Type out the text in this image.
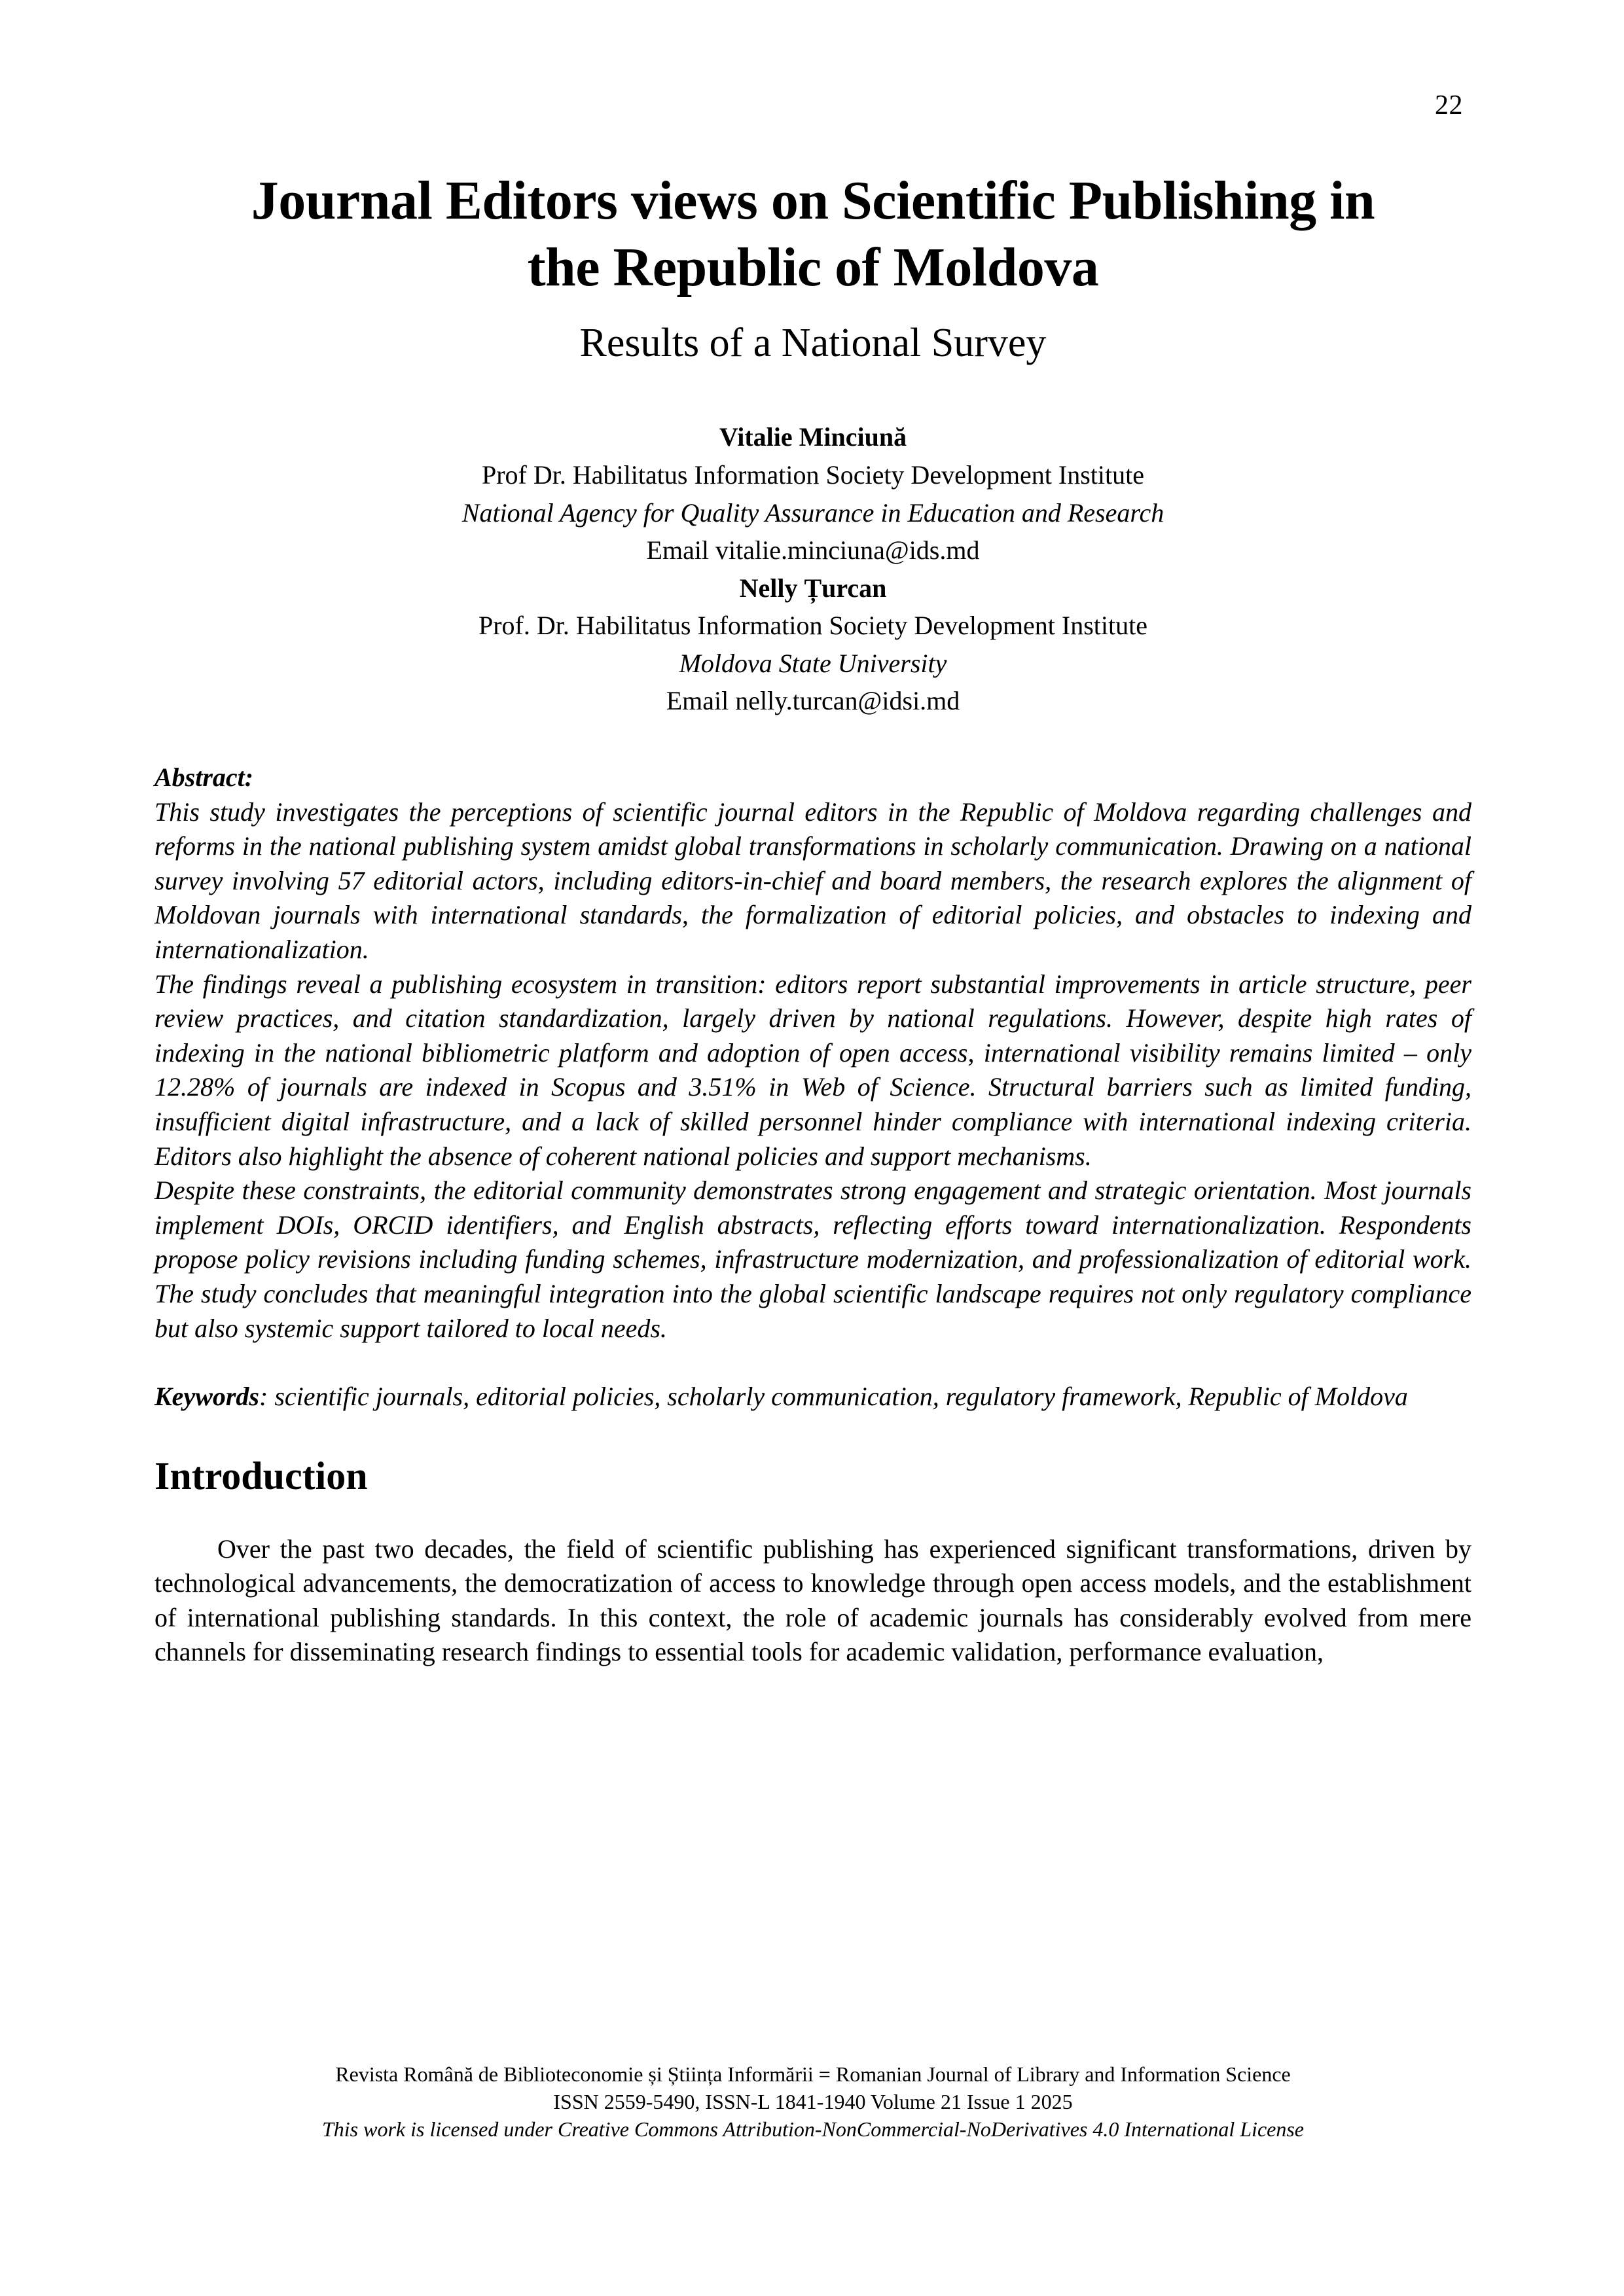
22
Journal Editors views on Scientific Publishing in the Republic of Moldova
Results of a National Survey
Vitalie Minciună
Prof Dr. Habilitatus Information Society Development Institute
National Agency for Quality Assurance in Education and Research
Email vitalie.minciuna@ids.md
Nelly Țurcan
Prof. Dr. Habilitatus Information Society Development Institute
Moldova State University
Email nelly.turcan@idsi.md
Abstract:

This study investigates the perceptions of scientific journal editors in the Republic of Moldova regarding challenges and reforms in the national publishing system amidst global transformations in scholarly communication. Drawing on a national survey involving 57 editorial actors, including editors-in-chief and board members, the research explores the alignment of Moldovan journals with international standards, the formalization of editorial policies, and obstacles to indexing and internationalization.

The findings reveal a publishing ecosystem in transition: editors report substantial improvements in article structure, peer review practices, and citation standardization, largely driven by national regulations. However, despite high rates of indexing in the national bibliometric platform and adoption of open access, international visibility remains limited – only 12.28% of journals are indexed in Scopus and 3.51% in Web of Science. Structural barriers such as limited funding, insufficient digital infrastructure, and a lack of skilled personnel hinder compliance with international indexing criteria. Editors also highlight the absence of coherent national policies and support mechanisms.

Despite these constraints, the editorial community demonstrates strong engagement and strategic orientation. Most journals implement DOIs, ORCID identifiers, and English abstracts, reflecting efforts toward internationalization. Respondents propose policy revisions including funding schemes, infrastructure modernization, and professionalization of editorial work. The study concludes that meaningful integration into the global scientific landscape requires not only regulatory compliance but also systemic support tailored to local needs.

Keywords: scientific journals, editorial policies, scholarly communication, regulatory framework, Republic of Moldova
Introduction

Over the past two decades, the field of scientific publishing has experienced significant transformations, driven by technological advancements, the democratization of access to knowledge through open access models, and the establishment of international publishing standards. In this context, the role of academic journals has considerably evolved from mere channels for disseminating research findings to essential tools for academic validation, performance evaluation,

Revista Română de Biblioteconomie și Știința Informării = Romanian Journal of Library and Information Science
ISSN 2559-5490, ISSN-L 1841-1940 Volume 21 Issue 1 2025
This work is licensed under Creative Commons Attribution-NonCommercial-NoDerivatives 4.0 International License
